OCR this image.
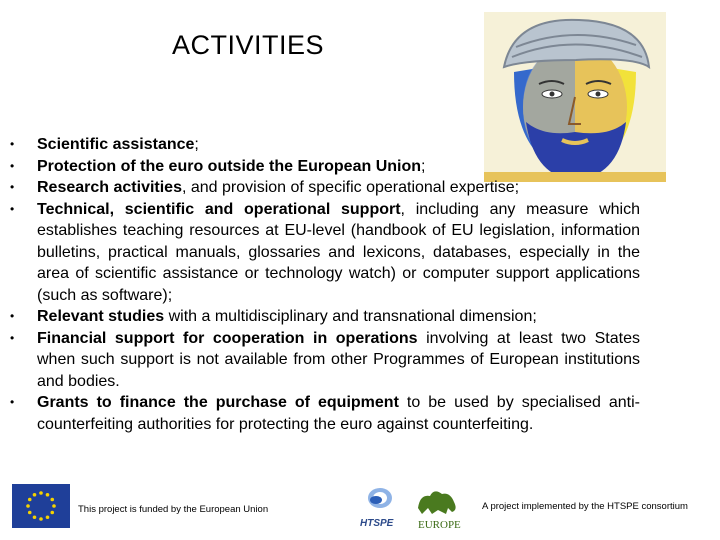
ACTIVITIES
• Scientific assistance;
• Protection of the euro outside the European Union;
• Research activities, and provision of specific operational expertise;
• Technical, scientific and operational support, including any measure which establishes teaching resources at EU-level (handbook of EU legislation, information bulletins, practical manuals, glossaries and lexicons, databases, especially in the area of scientific assistance or technology watch) or computer support applications (such as software);
• Relevant studies with a multidisciplinary and transnational dimension;
• Financial support for cooperation in operations involving at least two States when such support is not available from other Programmes of European institutions and bodies.
• Grants to finance the purchase of equipment to be used by specialised anti-counterfeiting authorities for protecting the euro against counterfeiting.
This project is funded by the European Union
HTSPE EUROPE
A project implemented by the HTSPE consortium
